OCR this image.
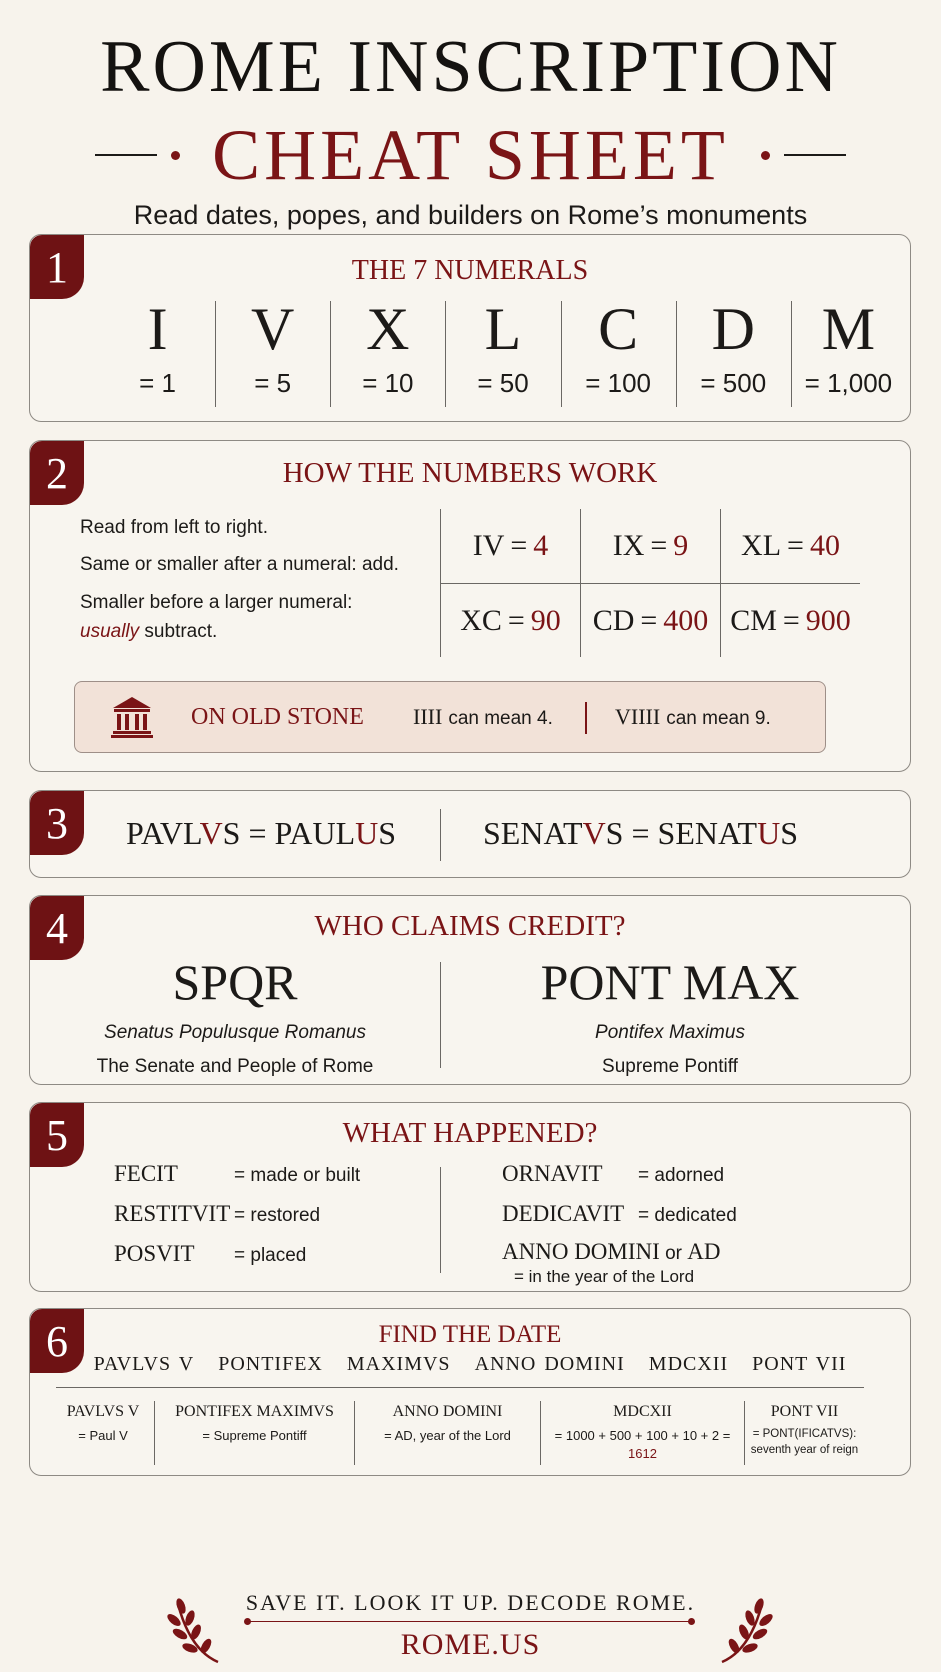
ROME INSCRIPTION
CHEAT SHEET
Read dates, popes, and builders on Rome’s monuments
1	THE 7 NUMERALS
I
= 1
V
= 5
X
= 10
L
= 50
C
= 100
D
= 500
M
= 1,000
2	HOW THE NUMBERS WORK

Read from left to right.

Same or smaller after a numeral: add.

Smaller before a larger numeral:
usually subtract.

IV = 4 IX = 9 XL = 40
XC = 90 CD = 400 CM = 900
ON OLD STONE IIII can mean 4.	VIIII can mean 9.
3	PAVLVS = PAULUS	SENATVS = SENATUS
4	WHO CLAIMS CREDIT?
SPQR
Senatus Populusque Romanus
The Senate and People of Rome
PONT MAX
Pontifex Maximus
Supreme Pontiff
5	WHAT HAPPENED?
FECIT	= made or built
RESTITVIT = restored
POSVIT = placed
ORNAVIT = adorned
DEDICAVIT = dedicated
ANNO DOMINI or AD
= in the year of the Lord
6	FIND THE DATE
PAVLVS V PONTIFEX MAXIMVS ANNO DOMINI MDCXII PONT VII
PAVLVS V
= Paul V
PONTIFEX MAXIMVS
= Supreme Pontiff
ANNO DOMINI
= AD, year of the Lord
MDCXII
= 1000 + 500 + 100 + 10 + 2 = 1612
PONT VII
= PONT(IFICATVS): seventh year of reign
SAVE IT. LOOK IT UP. DECODE ROME.
ROME.US
